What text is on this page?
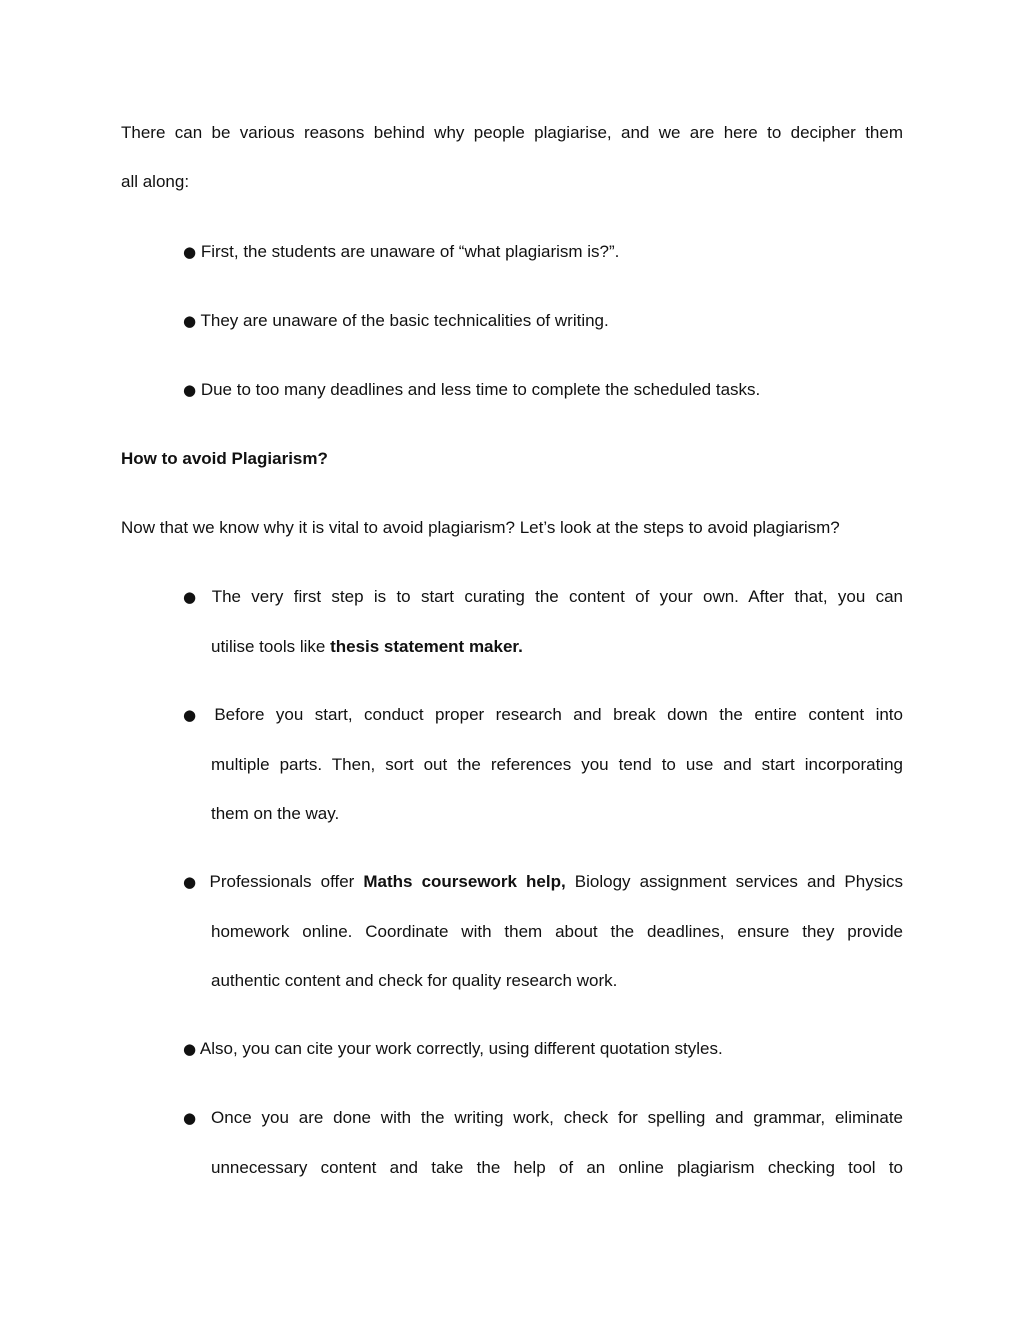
There can be various reasons behind why people plagiarise, and we are here to decipher them
all along:

● First, the students are unaware of “what plagiarism is?”.

● They are unaware of the basic technicalities of writing.

● Due to too many deadlines and less time to complete the scheduled tasks.

How to avoid Plagiarism?

Now that we know why it is vital to avoid plagiarism? Let’s look at the steps to avoid plagiarism?

● The very first step is to start curating the content of your own. After that, you can
utilise tools like thesis statement maker.

● Before you start, conduct proper research and break down the entire content into
multiple parts. Then, sort out the references you tend to use and start incorporating
them on the way.

● Professionals offer Maths coursework help, Biology assignment services and Physics
homework online. Coordinate with them about the deadlines, ensure they provide
authentic content and check for quality research work.

● Also, you can cite your work correctly, using different quotation styles.

● Once you are done with the writing work, check for spelling and grammar, eliminate
unnecessary content and take the help of an online plagiarism checking tool to
